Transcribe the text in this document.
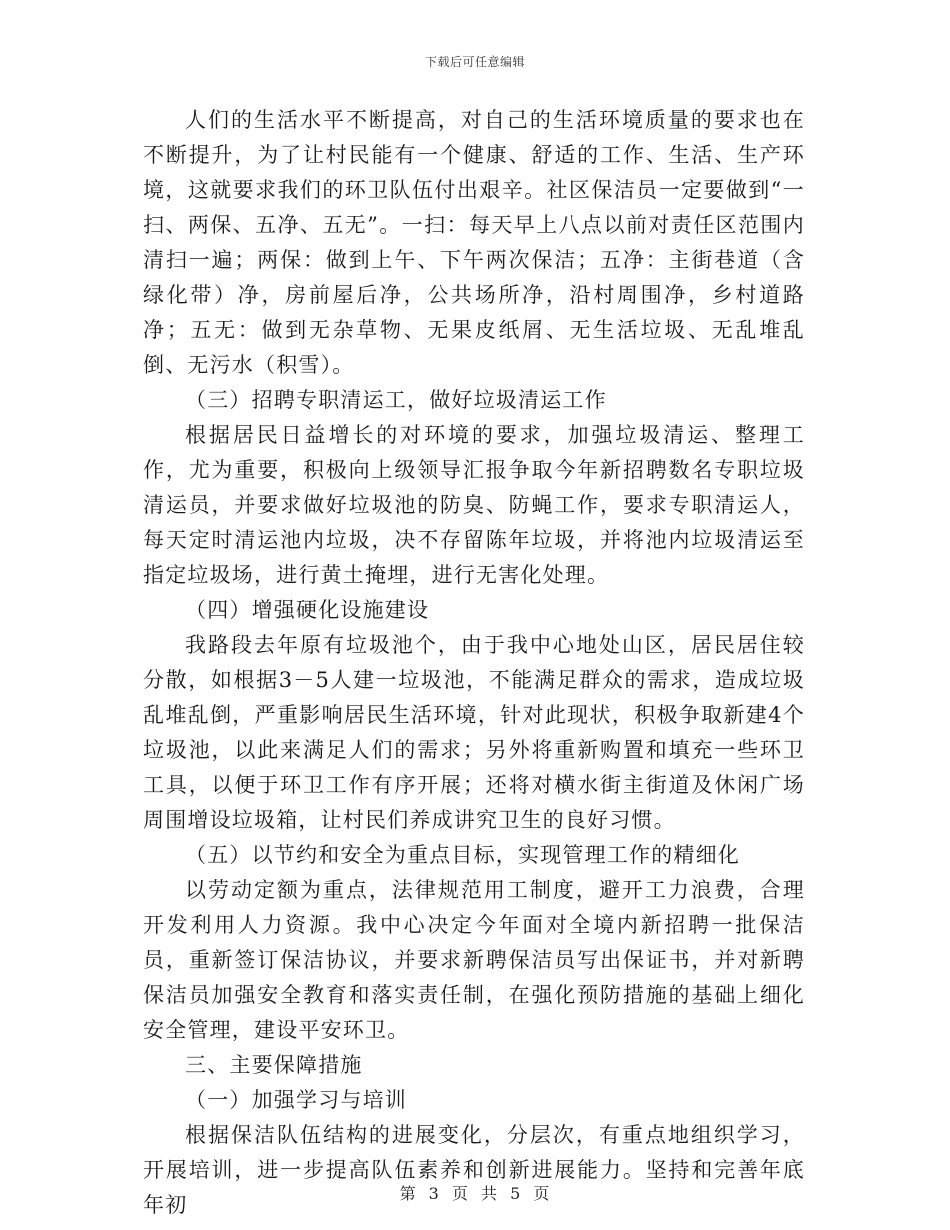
下载后可任意编辑

人们的生活水平不断提高，对自己的生活环境质量的要求也在不断提升，为了让村民能有一个健康、舒适的工作、生活、生产环境，这就要求我们的环卫队伍付出艰辛。社区保洁员一定要做到“一扫、两保、五净、五无”。一扫：每天早上八点以前对责任区范围内清扫一遍；两保：做到上午、下午两次保洁；五净：主街巷道（含绿化带）净，房前屋后净，公共场所净，沿村周围净，乡村道路净；五无：做到无杂草物、无果皮纸屑、无生活垃圾、无乱堆乱倒、无污水（积雪）。

（三）招聘专职清运工，做好垃圾清运工作

根据居民日益增长的对环境的要求，加强垃圾清运、整理工作，尤为重要，积极向上级领导汇报争取今年新招聘数名专职垃圾清运员，并要求做好垃圾池的防臭、防蝇工作，要求专职清运人，每天定时清运池内垃圾，决不存留陈年垃圾，并将池内垃圾清运至指定垃圾场，进行黄土掩埋，进行无害化处理。

（四）增强硬化设施建设

我路段去年原有垃圾池个，由于我中心地处山区，居民居住较分散，如根据3－5人建一垃圾池，不能满足群众的需求，造成垃圾乱堆乱倒，严重影响居民生活环境，针对此现状，积极争取新建4个垃圾池，以此来满足人们的需求；另外将重新购置和填充一些环卫工具，以便于环卫工作有序开展；还将对横水街主街道及休闲广场周围增设垃圾箱，让村民们养成讲究卫生的良好习惯。

（五）以节约和安全为重点目标，实现管理工作的精细化

以劳动定额为重点，法律规范用工制度，避开工力浪费，合理开发利用人力资源。我中心决定今年面对全境内新招聘一批保洁员，重新签订保洁协议，并要求新聘保洁员写出保证书，并对新聘保洁员加强安全教育和落实责任制，在强化预防措施的基础上细化安全管理，建设平安环卫。

三、主要保障措施

（一）加强学习与培训

根据保洁队伍结构的进展变化，分层次，有重点地组织学习，开展培训，进一步提高队伍素养和创新进展能力。坚持和完善年底年初	第 3 页 共 5 页
